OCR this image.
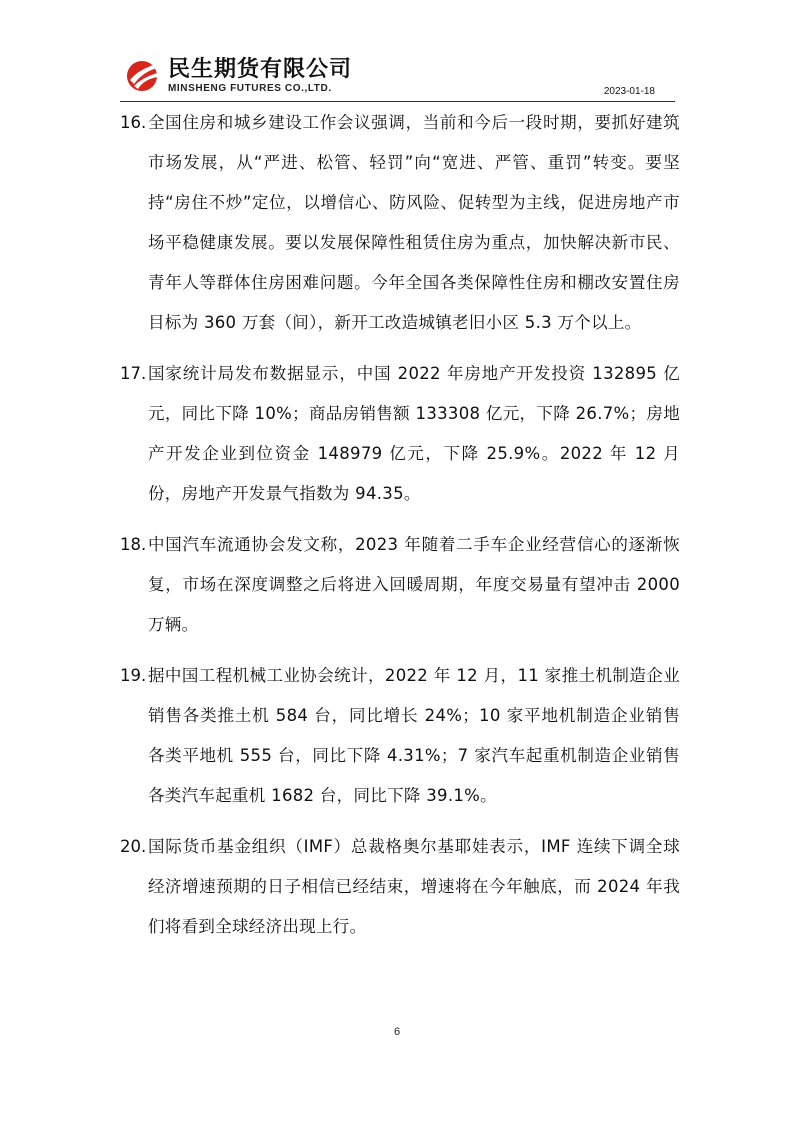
民生期货有限公司
MINSHENG FUTURES CO.,LTD.	2023-01-18
16. 全国住房和城乡建设工作会议强调，当前和今后一段时期，要抓好建筑市场发展，从“严进、松管、轻罚”向“宽进、严管、重罚”转变。要坚持“房住不炒”定位，以增信心、防风险、促转型为主线，促进房地产市场平稳健康发展。要以发展保障性租赁住房为重点，加快解决新市民、青年人等群体住房困难问题。今年全国各类保障性住房和棚改安置住房目标为 360 万套（间），新开工改造城镇老旧小区 5.3 万个以上。
17. 国家统计局发布数据显示，中国 2022 年房地产开发投资 132895 亿元，同比下降 10%；商品房销售额 133308 亿元，下降 26.7%；房地产开发企业到位资金 148979 亿元，下降 25.9%。2022 年 12 月份，房地产开发景气指数为 94.35。
18. 中国汽车流通协会发文称，2023 年随着二手车企业经营信心的逐渐恢复，市场在深度调整之后将进入回暖周期，年度交易量有望冲击 2000 万辆。
19. 据中国工程机械工业协会统计，2022 年 12 月，11 家推土机制造企业销售各类推土机 584 台，同比增长 24%；10 家平地机制造企业销售各类平地机 555 台，同比下降 4.31%；7 家汽车起重机制造企业销售各类汽车起重机 1682 台，同比下降 39.1%。
20. 国际货币基金组织（IMF）总裁格奥尔基耶娃表示，IMF 连续下调全球经济增速预期的日子相信已经结束，增速将在今年触底，而 2024 年我们将看到全球经济出现上行。
6
